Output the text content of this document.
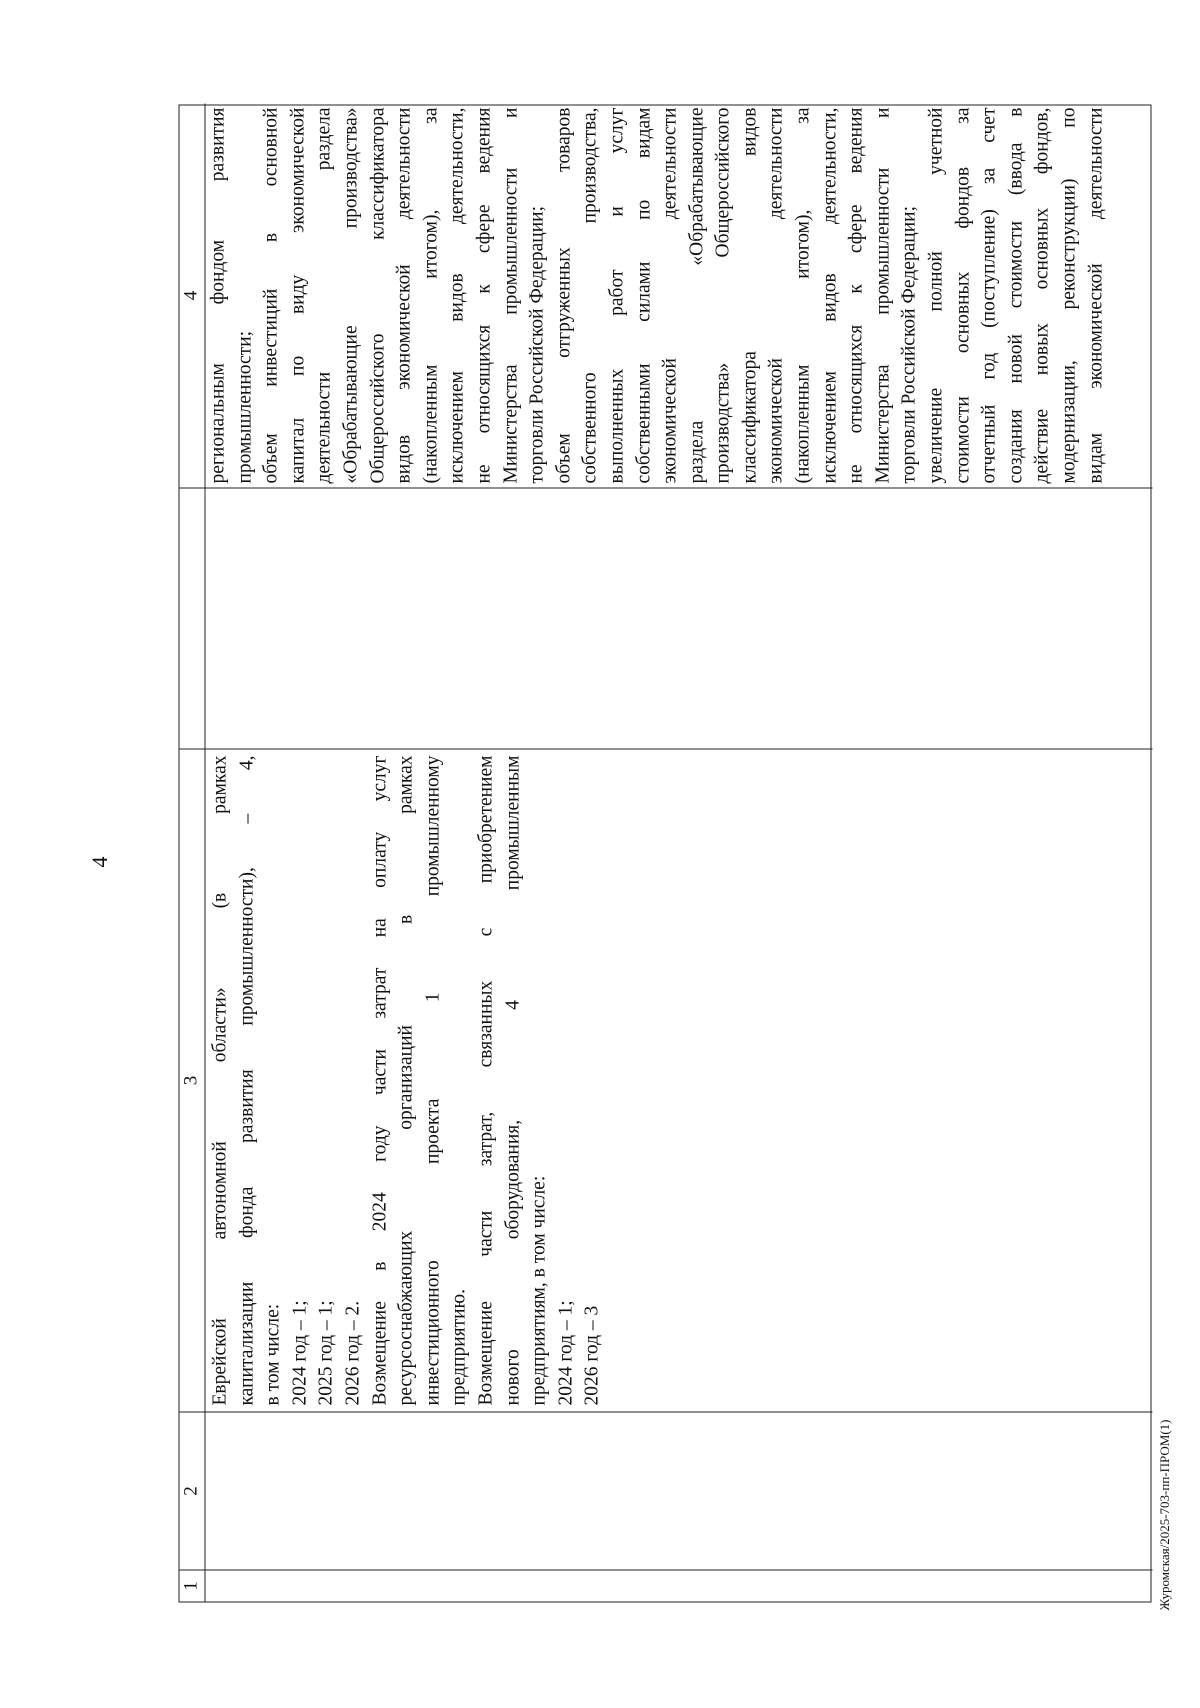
4
1
2
3
4
Еврейской автономной области» (в рамках капитализации фонда развития промышленности), – 4, в том числе: 2024 год – 1; 2025 год – 1; 2026 год – 2. Возмещение в 2024 году части затрат на оплату услуг ресурсоснабжающих организаций в рамках инвестиционного проекта 1 промышленному предприятию. Возмещение части затрат, связанных с приобретением нового оборудования, 4 промышленным предприятиям, в том числе: 2024 год – 1; 2026 год – 3
региональным фондом развития промышленности; объем инвестиций в основной капитал по виду экономической деятельности раздела «Обрабатывающие производства» Общероссийского классификатора видов экономической деятельности (накопленным итогом), за исключением видов деятельности, не относящихся к сфере ведения Министерства промышленности и торговли Российской Федерации; объем отгруженных товаров собственного производства, выполненных работ и услуг собственными силами по видам экономической деятельности раздела «Обрабатывающие производства» Общероссийского классификатора видов экономической деятельности (накопленным итогом), за исключением видов деятельности, не относящихся к сфере ведения Министерства промышленности и торговли Российской Федерации; увеличение полной учетной стоимости основных фондов за отчетный год (поступление) за счет создания новой стоимости (ввода в действие новых основных фондов, модернизации, реконструкции) по видам экономической деятельности
Журомская/2025-703-пп-ПРОМ(1)
